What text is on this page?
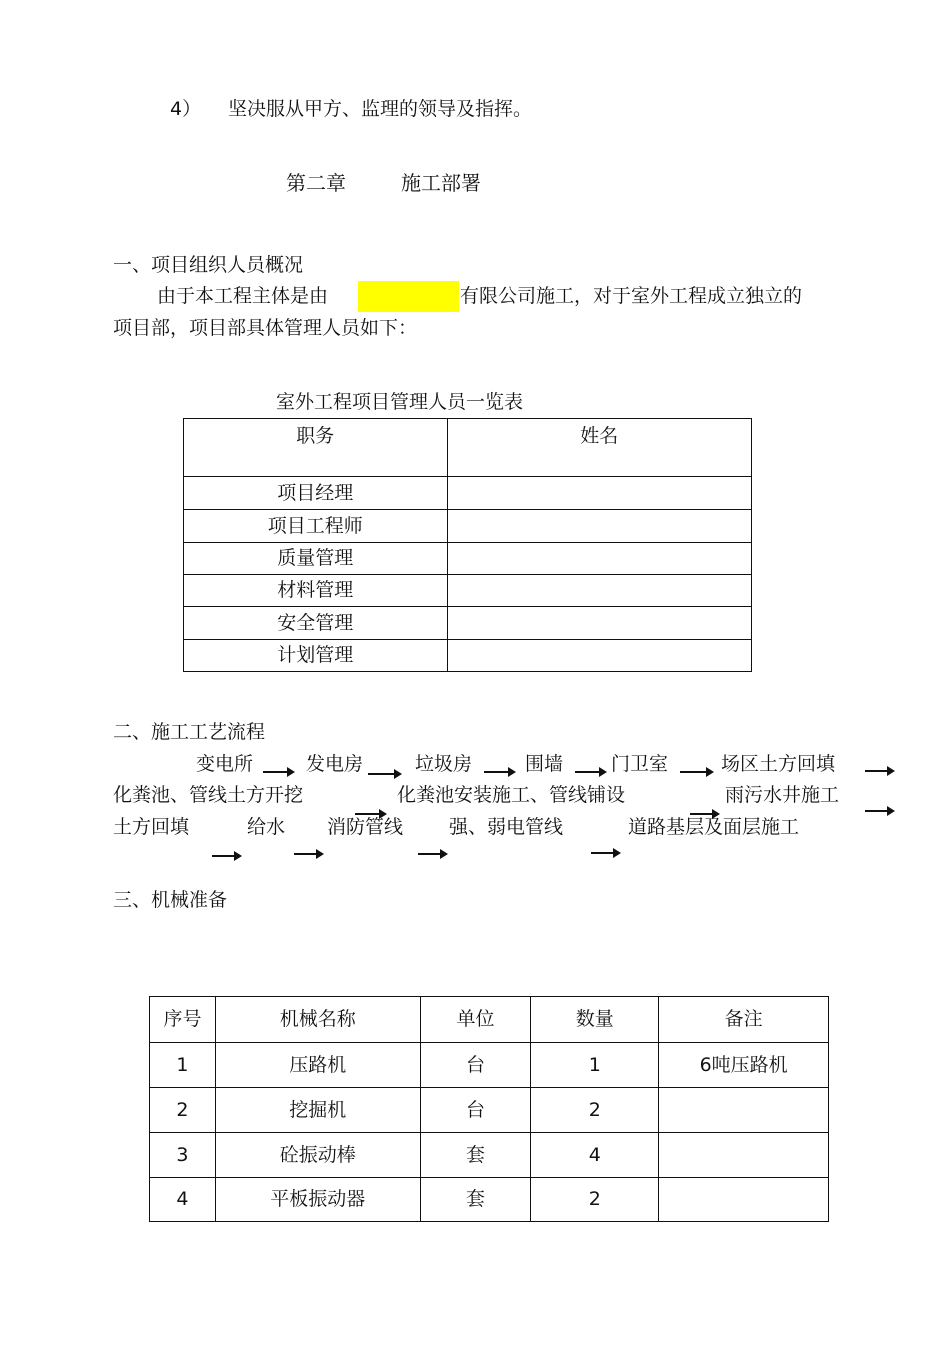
4） 坚决服从甲方、监理的领导及指挥。
第二章	施工部署
一、项目组织人员概况
由于本工程主体是由	有限公司施工，对于室外工程成立独立的
项目部，项目部具体管理人员如下：
室外工程项目管理人员一览表
职务	姓名
项目经理	
项目工程师	
质量管理	
材料管理	
安全管理	
计划管理	
二、施工工艺流程
变电所	发电房	垃圾房	围墙	门卫室	场区土方回填
化粪池、管线土方开挖	化粪池安装施工、管线铺设	雨污水井施工
土方回填	给水 消防管线 强、弱电管线	道路基层及面层施工
三、机械准备
序号	机械名称	单位	数量	备注
1	压路机	台	1	6吨压路机
2	挖掘机	台	2	
3	砼振动棒	套	4	
4	平板振动器	套	2	
